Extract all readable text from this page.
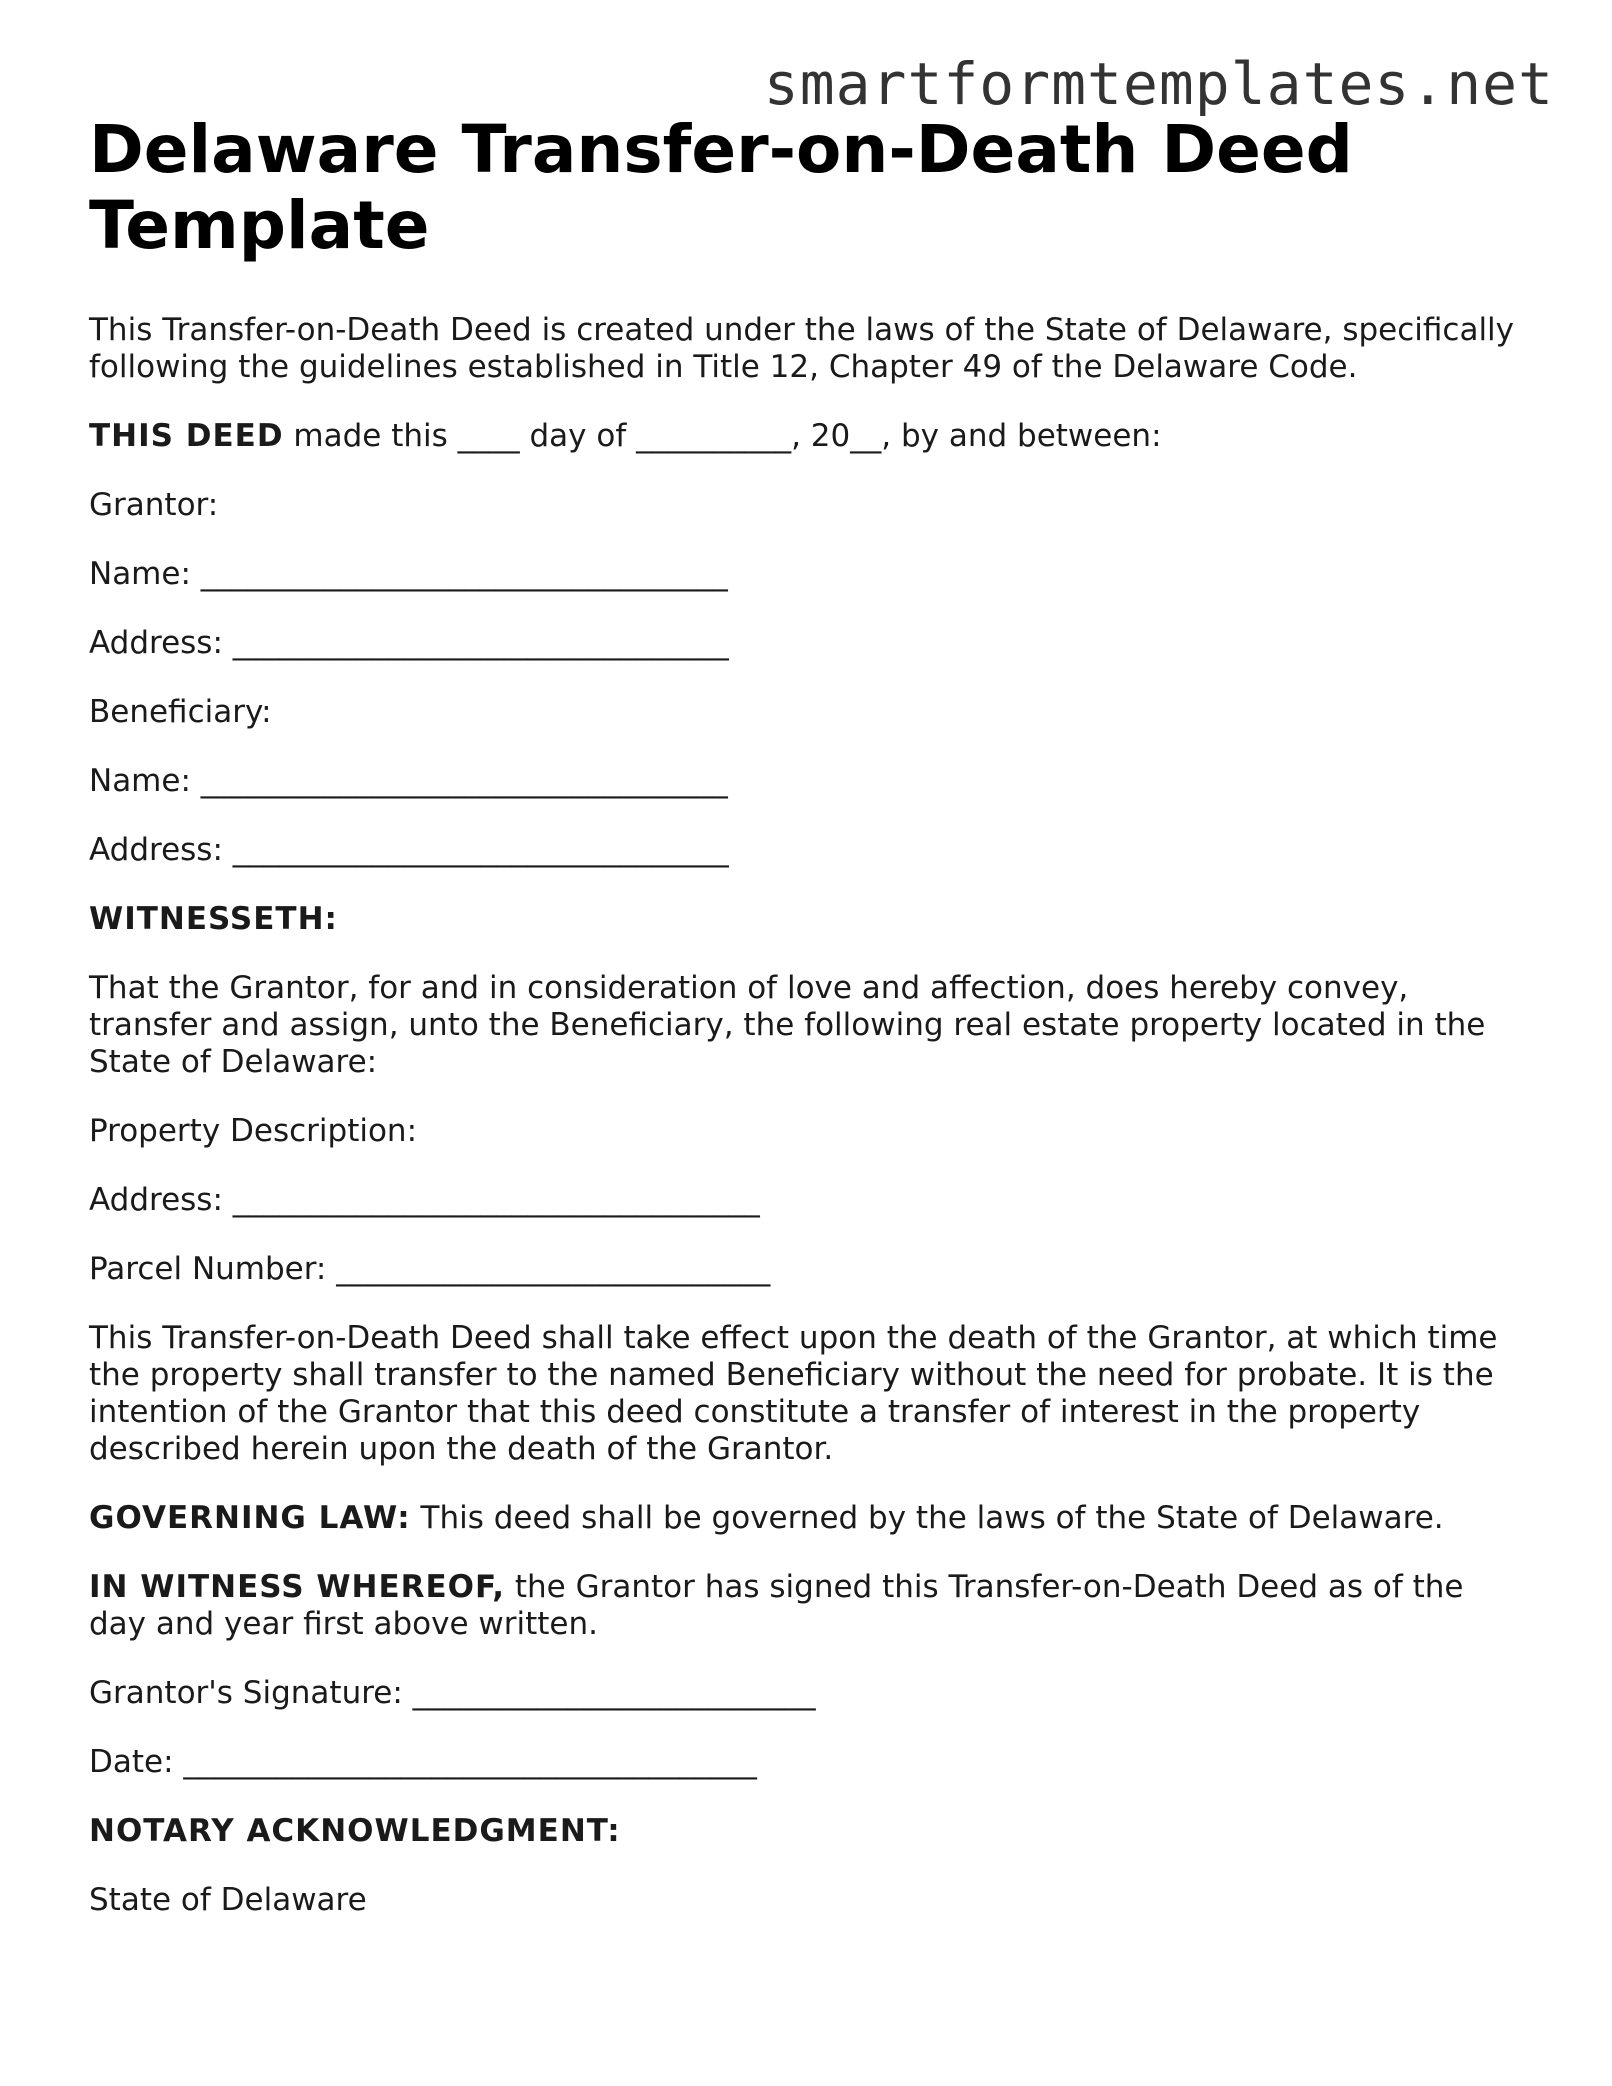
smartformtemplates.net
Delaware Transfer-on-Death Deed Template

This Transfer-on-Death Deed is created under the laws of the State of Delaware, specifically following the guidelines established in Title 12, Chapter 49 of the Delaware Code.

THIS DEED made this ____ day of __________, 20__, by and between:

Grantor:

Name: __________________________________

Address: ________________________________

Beneficiary:

Name: __________________________________

Address: ________________________________

WITNESSETH:

That the Grantor, for and in consideration of love and affection, does hereby convey, transfer and assign, unto the Beneficiary, the following real estate property located in the State of Delaware:

Property Description:

Address: __________________________________

Parcel Number: ____________________________

This Transfer-on-Death Deed shall take effect upon the death of the Grantor, at which time the property shall transfer to the named Beneficiary without the need for probate. It is the intention of the Grantor that this deed constitute a transfer of interest in the property described herein upon the death of the Grantor.

GOVERNING LAW: This deed shall be governed by the laws of the State of Delaware.

IN WITNESS WHEREOF, the Grantor has signed this Transfer-on-Death Deed as of the day and year first above written.

Grantor's Signature: __________________________

Date: _____________________________________

NOTARY ACKNOWLEDGMENT:

State of Delaware
